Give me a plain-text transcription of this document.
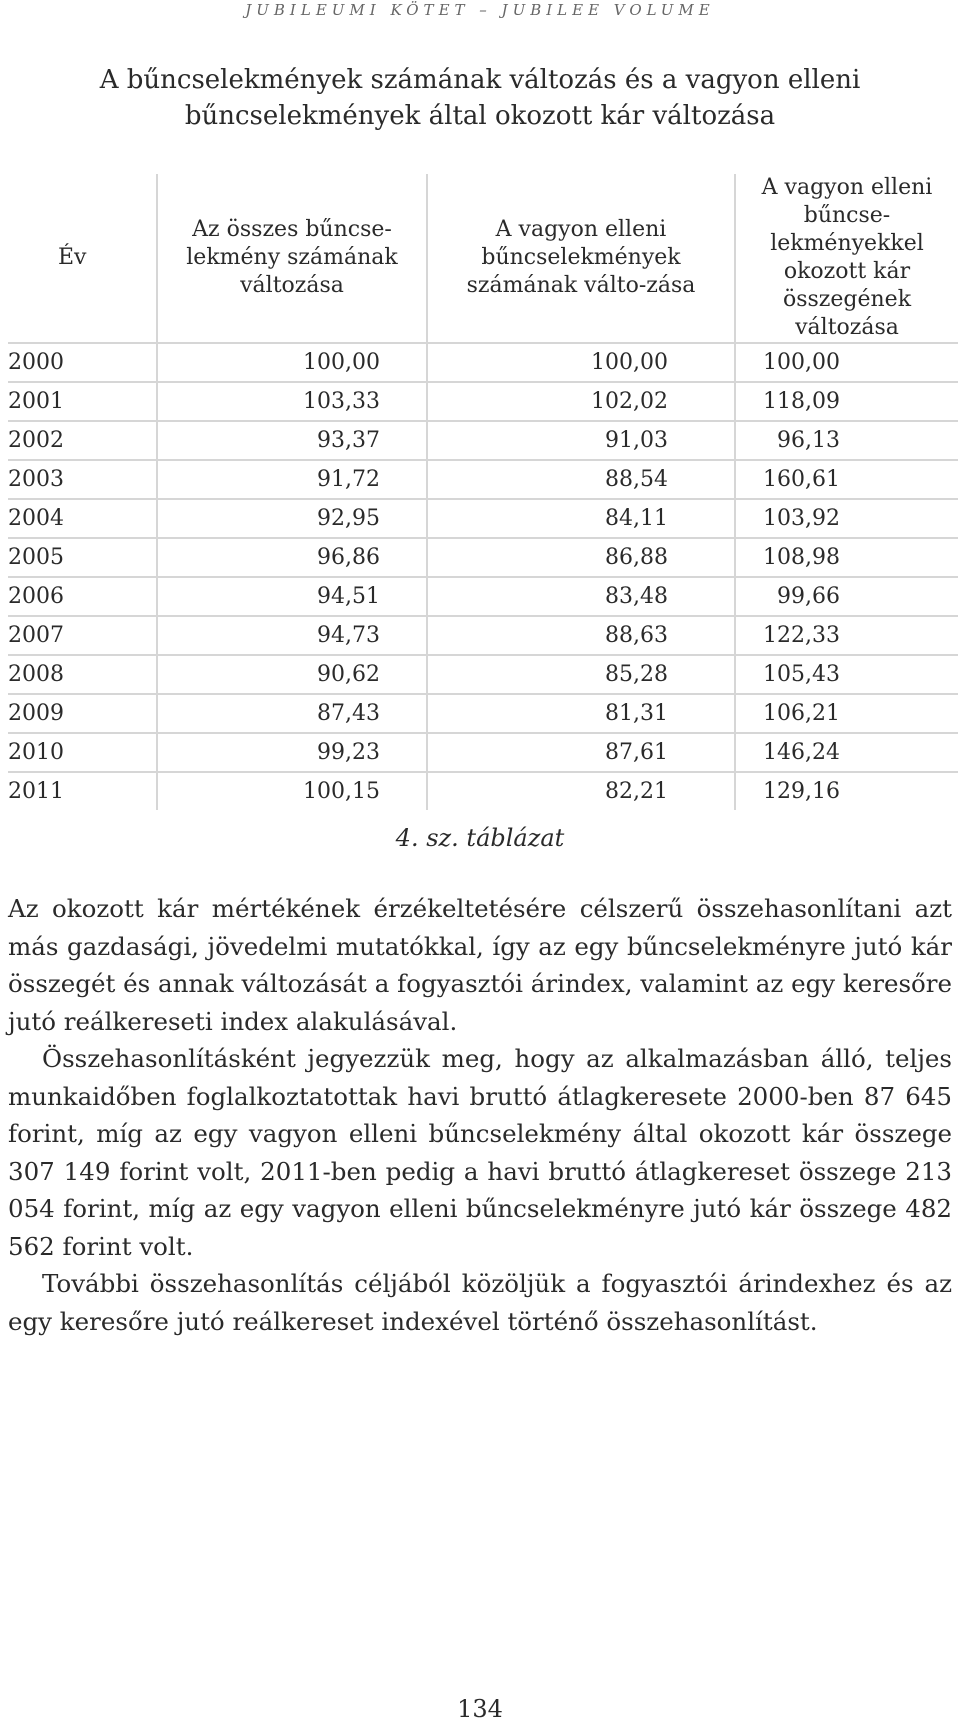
JUBILEUMI KÖTET – JUBILEE VOLUME
A bűncselekmények számának változás és a vagyon elleni
bűncselekmények által okozott kár változása
Év	Az összes bűncse-lekmény számának változása	A vagyon elleni bűncselekmények számának válto-zása	A vagyon elleni bűncse-lekményekkel okozott kár összegének változása
2000	100,00	100,00	100,00
2001	103,33	102,02	118,09
2002	93,37	91,03	96,13
2003	91,72	88,54	160,61
2004	92,95	84,11	103,92
2005	96,86	86,88	108,98
2006	94,51	83,48	99,66
2007	94,73	88,63	122,33
2008	90,62	85,28	105,43
2009	87,43	81,31	106,21
2010	99,23	87,61	146,24
2011	100,15	82,21	129,16
4. sz. táblázat

Az okozott kár mértékének érzékeltetésére célszerű összehasonlítani azt más gazdasági, jövedelmi mutatókkal, így az egy bűncselekményre jutó kár összegét és annak változását a fogyasztói árindex, valamint az egy keresőre jutó reálkereseti index alakulásával.

Összehasonlításként jegyezzük meg, hogy az alkalmazásban álló, teljes munkaidőben foglalkoztatottak havi bruttó átlagkeresete 2000-ben 87 645 forint, míg az egy vagyon elleni bűncselekmény által okozott kár összege 307 149 forint volt, 2011-ben pedig a havi bruttó átlagkereset összege 213 054 forint, míg az egy vagyon elleni bűncselekményre jutó kár összege 482 562 forint volt.

További összehasonlítás céljából közöljük a fogyasztói árindexhez és az egy keresőre jutó reálkereset indexével történő összehasonlítást.

134
